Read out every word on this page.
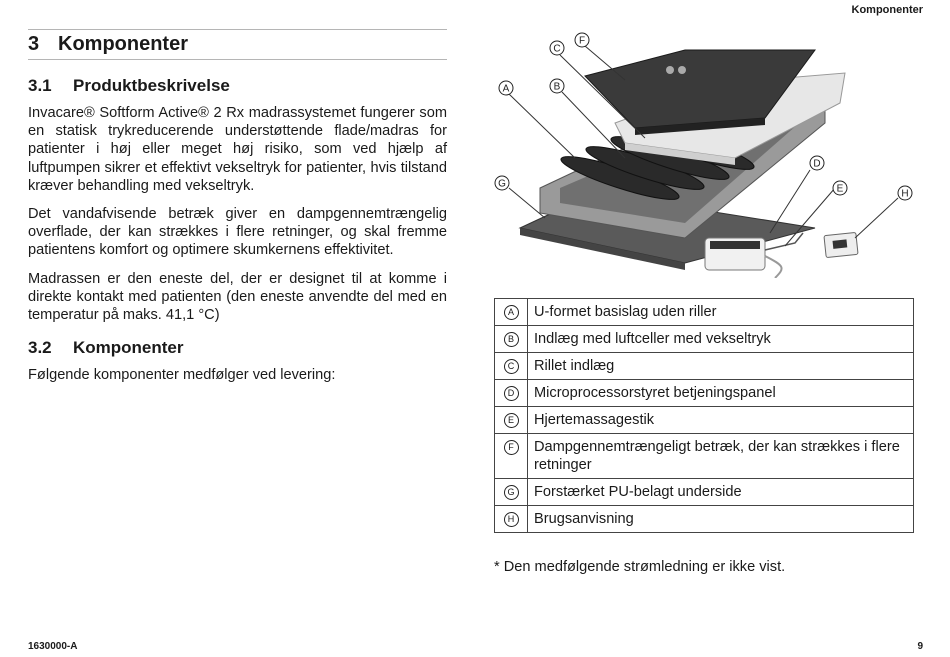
Komponenter
3 Komponenter
3.1	Produktbeskrivelse

Invacare® Softform Active® 2 Rx madrassystemet fungerer som en statisk trykreducerende understøttende flade/madras for patienter i høj eller meget høj risiko, som ved hjælp af luftpumpen sikrer et effektivt vekseltryk for patienter, hvis tilstand kræver behandling med vekseltryk.

Det vandafvisende betræk giver en dampgennemtrængelig overflade, der kan strækkes i flere retninger, og skal fremme patientens komfort og optimere skumkernens effektivitet.

Madrassen er den eneste del, der er designet til at komme i direkte kontakt med patienten (den eneste anvendte del med en temperatur på maks. 41,1 °C)

3.2	Komponenter

Følgende komponenter medfølger ved levering:

A	B
C
D
E
F
G
H
A	U-formet basislag uden riller
B	Indlæg med luftceller med vekseltryk
C	Rillet indlæg
D	Microprocessorstyret betjeningspanel
E	Hjertemassagestik
F	Dampgennemtrængeligt betræk, der kan strækkes i flere retninger
G	Forstærket PU-belagt underside
H	Brugsanvisning
* Den medfølgende strømledning er ikke vist.
1630000-A	9
